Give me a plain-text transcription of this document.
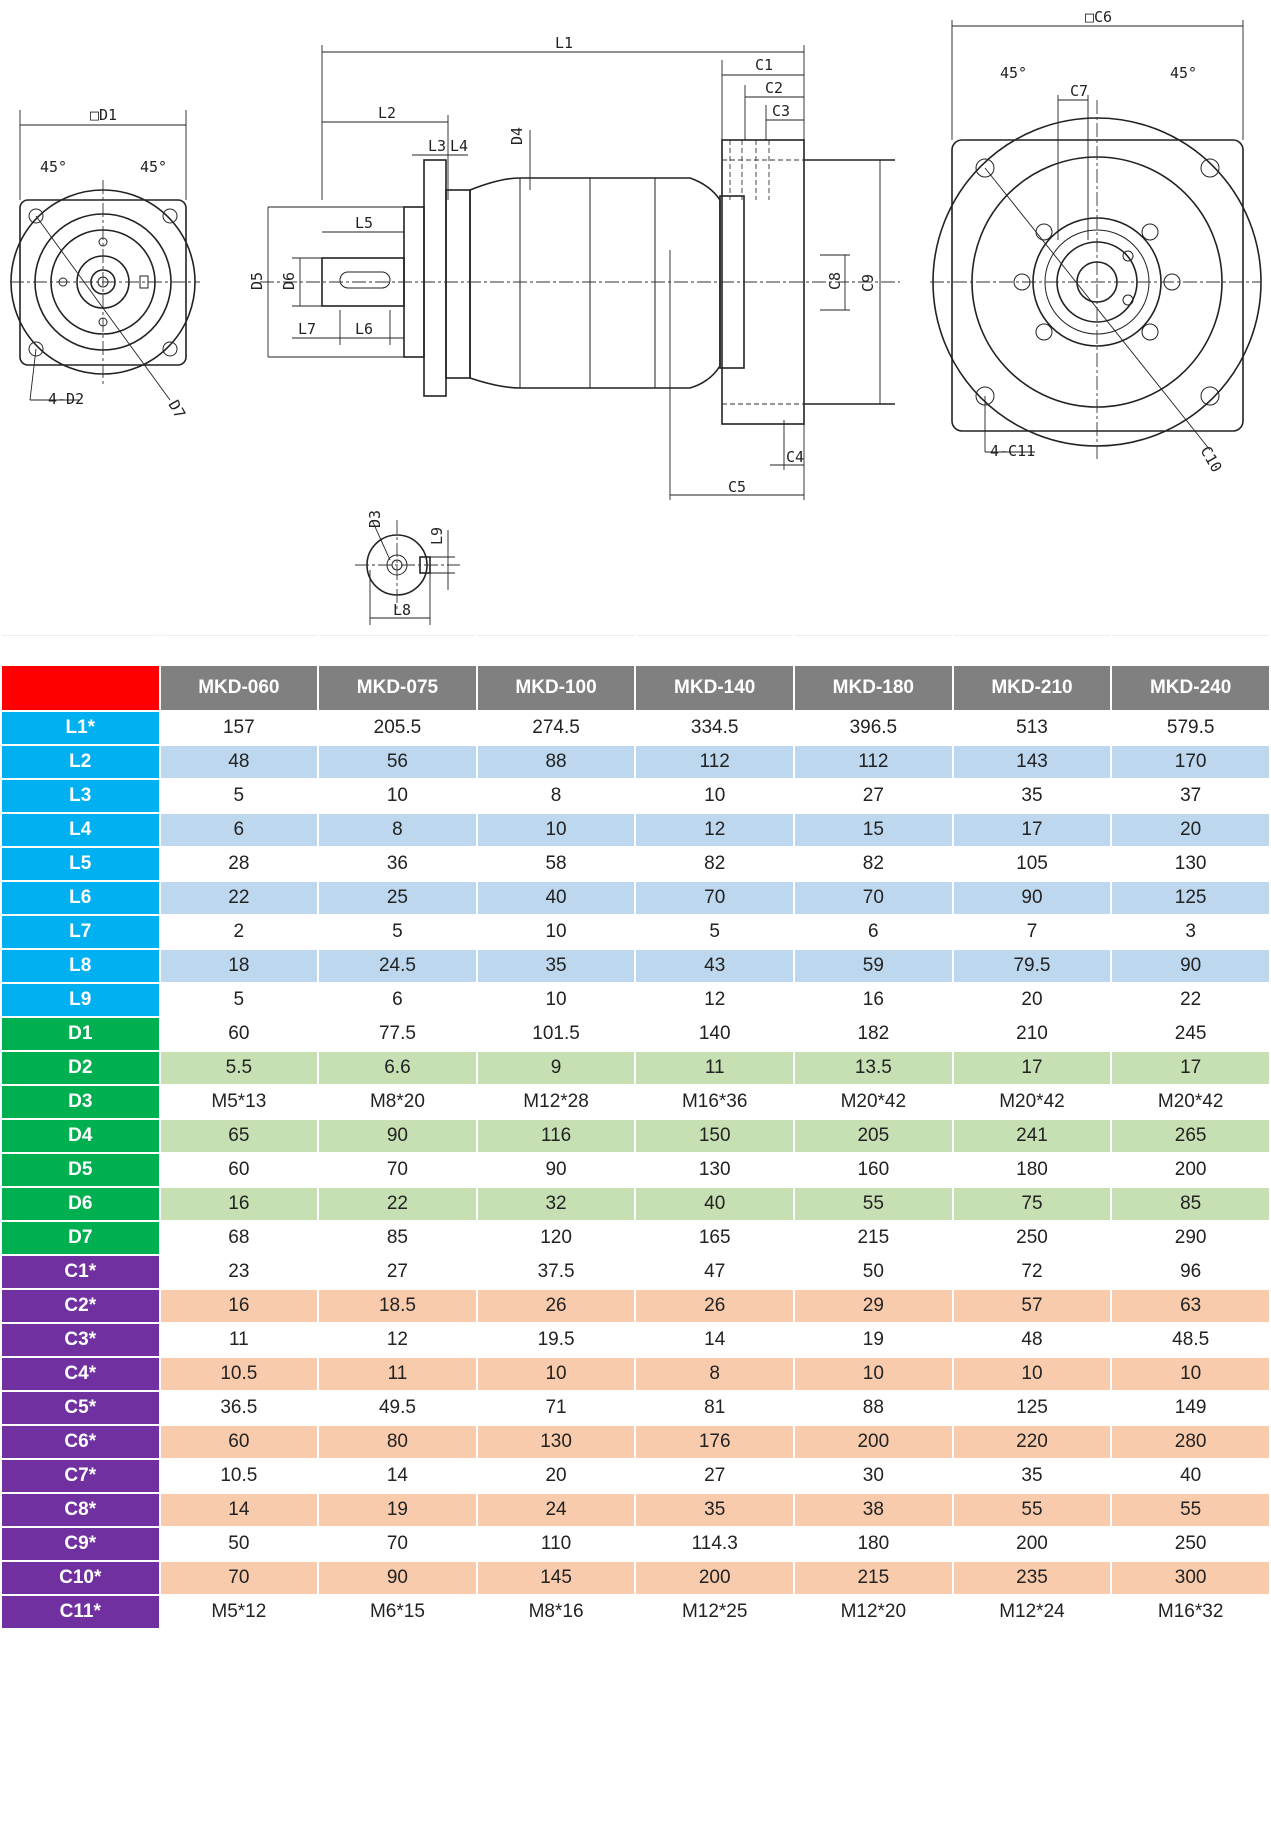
□D1
45°	45°
4-D2	D7
L1
L2
L3 L4
D4
D5 D6
L5
L7	L6
C1
C2
C3
C8 C9
C4
C5
□C6
45°	45°
C7
4-C11	C10
L9
D3
L8

	MKD-060	MKD-075	MKD-100	MKD-140	MKD-180	MKD-210	MKD-240
L1*	157	205.5	274.5	334.5	396.5	513	579.5
L2	48	56	88	112	112	143	170
L3	5	10	8	10	27	35	37
L4	6	8	10	12	15	17	20
L5	28	36	58	82	82	105	130
L6	22	25	40	70	70	90	125
L7	2	5	10	5	6	7	3
L8	18	24.5	35	43	59	79.5	90
L9	5	6	10	12	16	20	22
D1	60	77.5	101.5	140	182	210	245
D2	5.5	6.6	9	11	13.5	17	17
D3	M5*13	M8*20	M12*28	M16*36	M20*42	M20*42	M20*42
D4	65	90	116	150	205	241	265
D5	60	70	90	130	160	180	200
D6	16	22	32	40	55	75	85
D7	68	85	120	165	215	250	290
C1*	23	27	37.5	47	50	72	96
C2*	16	18.5	26	26	29	57	63
C3*	11	12	19.5	14	19	48	48.5
C4*	10.5	11	10	8	10	10	10
C5*	36.5	49.5	71	81	88	125	149
C6*	60	80	130	176	200	220	280
C7*	10.5	14	20	27	30	35	40
C8*	14	19	24	35	38	55	55
C9*	50	70	110	114.3	180	200	250
C10*	70	90	145	200	215	235	300
C11*	M5*12	M6*15	M8*16	M12*25	M12*20	M12*24	M16*32
